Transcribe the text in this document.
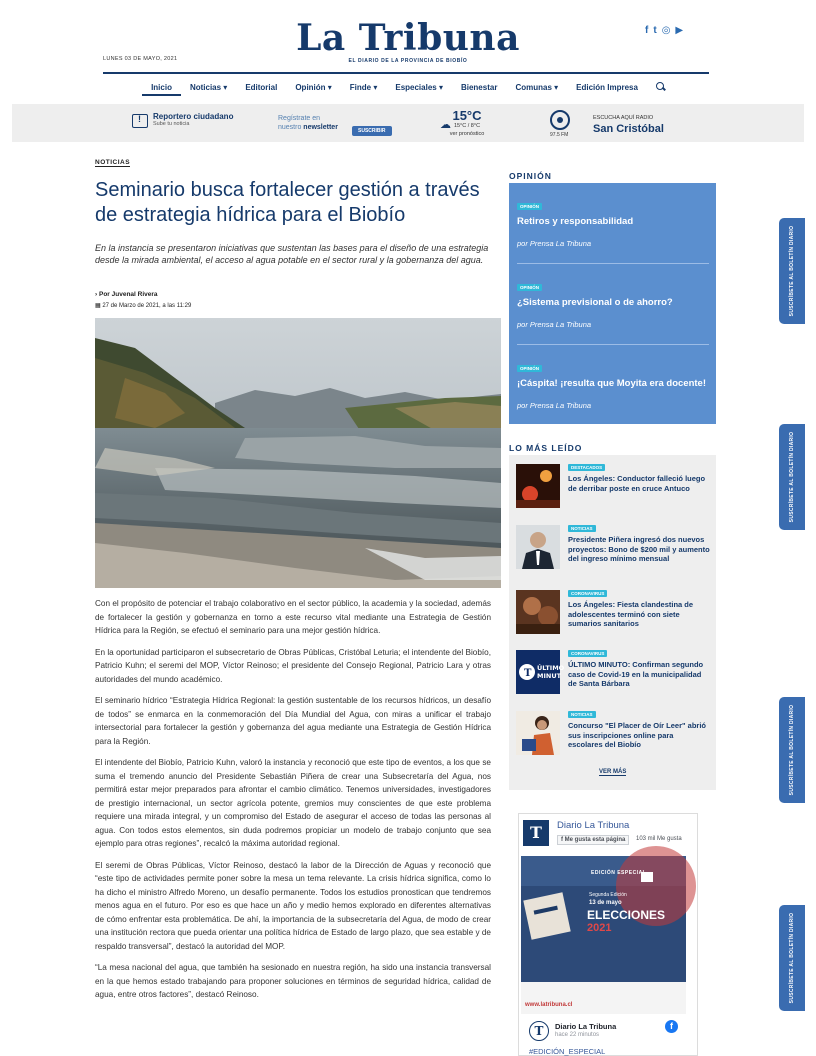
La Tribuna
EL DIARIO DE LA PROVINCIA DE BIOBÍO
LUNES 03 DE MAYO, 2021
f t ◎ ▶
Inicio	Noticias ▾	Editorial	Opinión ▾	Finde ▾	Especiales ▾	Bienestar	Comunas ▾	Edición Impresa
!
Reportero ciudadano
Sube tu noticia
Regístrate en
nuestro newsletter	SUSCRIBIR	☁
15°C
15°C / 8°C
ver pronóstico	97.5 FM
ESCUCHA AQUÍ RADIO
San Cristóbal
NOTICIAS
Seminario busca fortalecer gestión a través de estrategia hídrica para el Biobío
En la instancia se presentaron iniciativas que sustentan las bases para el diseño de una estrategia desde la mirada ambiental, el acceso al agua potable en el sector rural y la gobernanza del agua.
› Por Juvenal Rivera
▦ 27 de Marzo de 2021, a las 11:29

Con el propósito de potenciar el trabajo colaborativo en el sector público, la academia y la sociedad, además de fortalecer la gestión y gobernanza en torno a este recurso vital mediante una Estrategia de Gestión Hídrica para la Región, se efectuó el seminario para una mejor gestión hídrica.

En la oportunidad participaron el subsecretario de Obras Públicas, Cristóbal Leturia; el intendente del Biobío, Patricio Kuhn; el seremi del MOP, Víctor Reinoso; el presidente del Consejo Regional, Patricio Lara y otras autoridades del mundo académico.

El seminario hídrico “Estrategia Hídrica Regional: la gestión sustentable de los recursos hídricos, un desafío de todos” se enmarca en la conmemoración del Día Mundial del Agua, con miras a unificar el trabajo intersectorial para fortalecer la gestión y gobernanza del agua mediante una Estrategia de Gestión Hídrica para la Región.

El intendente del Biobío, Patricio Kuhn, valoró la instancia y reconoció que este tipo de eventos, a los que se suma el tremendo anuncio del Presidente Sebastián Piñera de crear una Subsecretaría del Agua, nos permitirá estar mejor preparados para afrontar el cambio climático. Tenemos universidades, investigadores de prestigio internacional, un sector agrícola potente, gremios muy conscientes de que este problema requiere una mirada integral, y un compromiso del Estado de asegurar el acceso de todas las personas al agua. Con todos estos elementos, sin duda podremos propiciar un modelo de trabajo conjunto que sea ejemplo para otras regiones”, recalcó la máxima autoridad regional.

El seremi de Obras Públicas, Víctor Reinoso, destacó la labor de la Dirección de Aguas y reconoció que “este tipo de actividades permite poner sobre la mesa un tema relevante. La crisis hídrica significa, como lo ha dicho el ministro Alfredo Moreno, un desafío permanente. Todos los estudios pronostican que tendremos menos agua en el futuro. Por eso es que hace un año y medio hemos explorado en diferentes alternativas de cómo enfrentar esta problemática. De ahí, la importancia de la subsecretaría del Agua, de modo de crear una institución rectora que pueda orientar una política hídrica de Estado de largo plazo, que sea estable y de respaldo transversal”, destacó la autoridad del MOP.

“La mesa nacional del agua, que también ha sesionado en nuestra región, ha sido una instancia transversal en la que hemos estado trabajando para proponer soluciones en términos de seguridad hídrica, calidad de agua, entre otros factores”, destacó Reinoso.

OPINIÓN
OPINIÓN
Retiros y responsabilidad
por Prensa La Tribuna
OPINIÓN
¿Sistema previsional o de ahorro?
por Prensa La Tribuna
OPINIÓN
¡Cáspita! ¡resulta que Moyita era docente!
por Prensa La Tribuna
LO MÁS LEÍDO
DESTACADOS
Los Ángeles: Conductor falleció luego de derribar poste en cruce Antuco
NOTICIAS
Presidente Piñera ingresó dos nuevos proyectos: Bono de $200 mil y aumento del ingreso mínimo mensual
CORONAVIRUS
Los Ángeles: Fiesta clandestina de adolescentes terminó con siete sumarios sanitarios
T ÚLTIMO
MINUT
CORONAVIRUS
ÚLTIMO MINUTO: Confirman segundo caso de Covid-19 en la municipalidad de Santa Bárbara
NOTICIAS
Concurso "El Placer de Oír Leer" abrió sus inscripciones online para escolares del Biobío
VER MÁS
T	Diario La Tribuna
f Me gusta esta página	103 mil Me gusta
EDICIÓN ESPECIAL
Segunda Edición
13 de mayo
ELECCIONES
2021
www.latribuna.cl
T	Diario La Tribuna
hace 22 minutos
f
#EDICIÓN_ESPECIAL
SUSCRÍBETE AL BOLETÍN DIARIO
SUSCRÍBETE AL BOLETÍN DIARIO
SUSCRÍBETE AL BOLETÍN DIARIO
SUSCRÍBETE AL BOLETÍN DIARIO
